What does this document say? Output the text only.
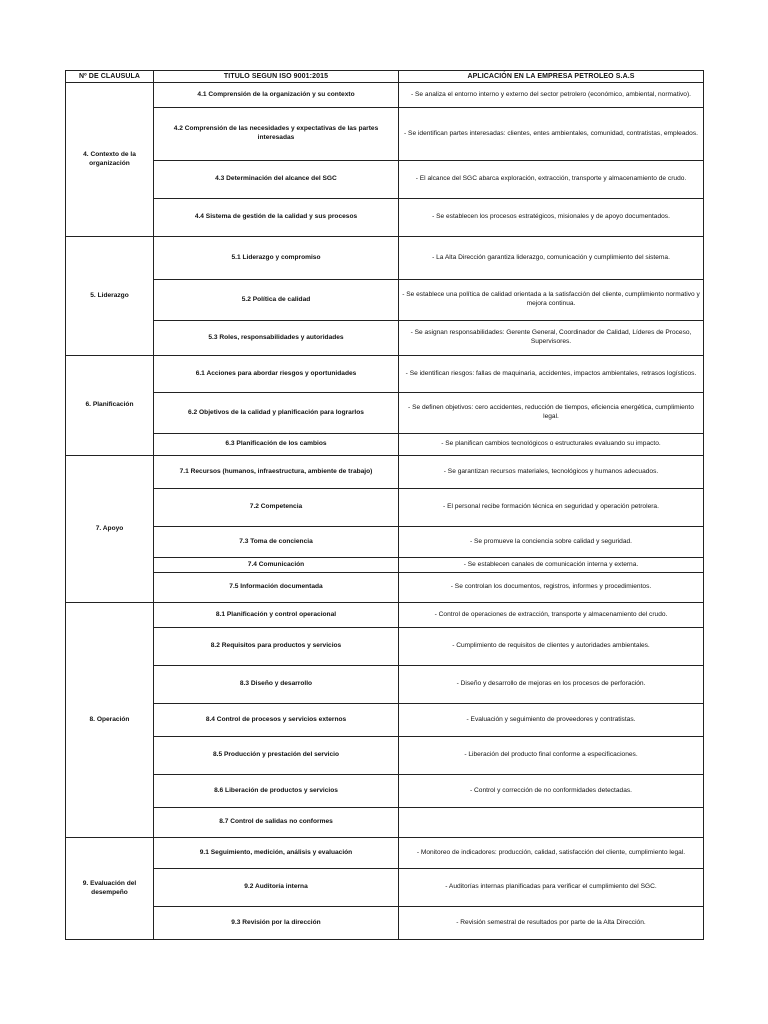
Nº DE CLAUSULA	TITULO SEGUN ISO 9001:2015	APLICACIÓN EN LA EMPRESA PETROLEO S.A.S
4. Contexto de la organización	4.1 Comprensión de la organización y su contexto	- Se analiza el entorno interno y externo del sector petrolero (económico, ambiental, normativo).
	4.2 Comprensión de las necesidades y expectativas de las partes interesadas	- Se identifican partes interesadas: clientes, entes ambientales, comunidad, contratistas, empleados.
	4.3 Determinación del alcance del SGC	- El alcance del SGC abarca exploración, extracción, transporte y almacenamiento de crudo.
	4.4 Sistema de gestión de la calidad y sus procesos	- Se establecen los procesos estratégicos, misionales y de apoyo documentados.
5. Liderazgo	5.1 Liderazgo y compromiso	- La Alta Dirección garantiza liderazgo, comunicación y cumplimiento del sistema.
	5.2 Política de calidad	- Se establece una política de calidad orientada a la satisfacción del cliente, cumplimiento normativo y mejora continua.
	5.3 Roles, responsabilidades y autoridades	- Se asignan responsabilidades: Gerente General, Coordinador de Calidad, Líderes de Proceso, Supervisores.
6. Planificación	6.1 Acciones para abordar riesgos y oportunidades	- Se identifican riesgos: fallas de maquinaria, accidentes, impactos ambientales, retrasos logísticos.
	6.2 Objetivos de la calidad y planificación para lograrlos	- Se definen objetivos: cero accidentes, reducción de tiempos, eficiencia energética, cumplimiento legal.
	6.3 Planificación de los cambios	- Se planifican cambios tecnológicos o estructurales evaluando su impacto.
7. Apoyo	7.1 Recursos (humanos, infraestructura, ambiente de trabajo)	- Se garantizan recursos materiales, tecnológicos y humanos adecuados.
	7.2 Competencia	- El personal recibe formación técnica en seguridad y operación petrolera.
	7.3 Toma de conciencia	- Se promueve la conciencia sobre calidad y seguridad.
	7.4 Comunicación	- Se establecen canales de comunicación interna y externa.
	7.5 Información documentada	- Se controlan los documentos, registros, informes y procedimientos.
8. Operación	8.1 Planificación y control operacional	- Control de operaciones de extracción, transporte y almacenamiento del crudo.
	8.2 Requisitos para productos y servicios	- Cumplimiento de requisitos de clientes y autoridades ambientales.
	8.3 Diseño y desarrollo	- Diseño y desarrollo de mejoras en los procesos de perforación.
	8.4 Control de procesos y servicios externos	- Evaluación y seguimiento de proveedores y contratistas.
	8.5 Producción y prestación del servicio	- Liberación del producto final conforme a especificaciones.
	8.6 Liberación de productos y servicios	- Control y corrección de no conformidades detectadas.
	8.7 Control de salidas no conformes	
9. Evaluación del desempeño	9.1 Seguimiento, medición, análisis y evaluación	- Monitoreo de indicadores: producción, calidad, satisfacción del cliente, cumplimiento legal.
	9.2 Auditoría interna	- Auditorías internas planificadas para verificar el cumplimiento del SGC.
	9.3 Revisión por la dirección	- Revisión semestral de resultados por parte de la Alta Dirección.
